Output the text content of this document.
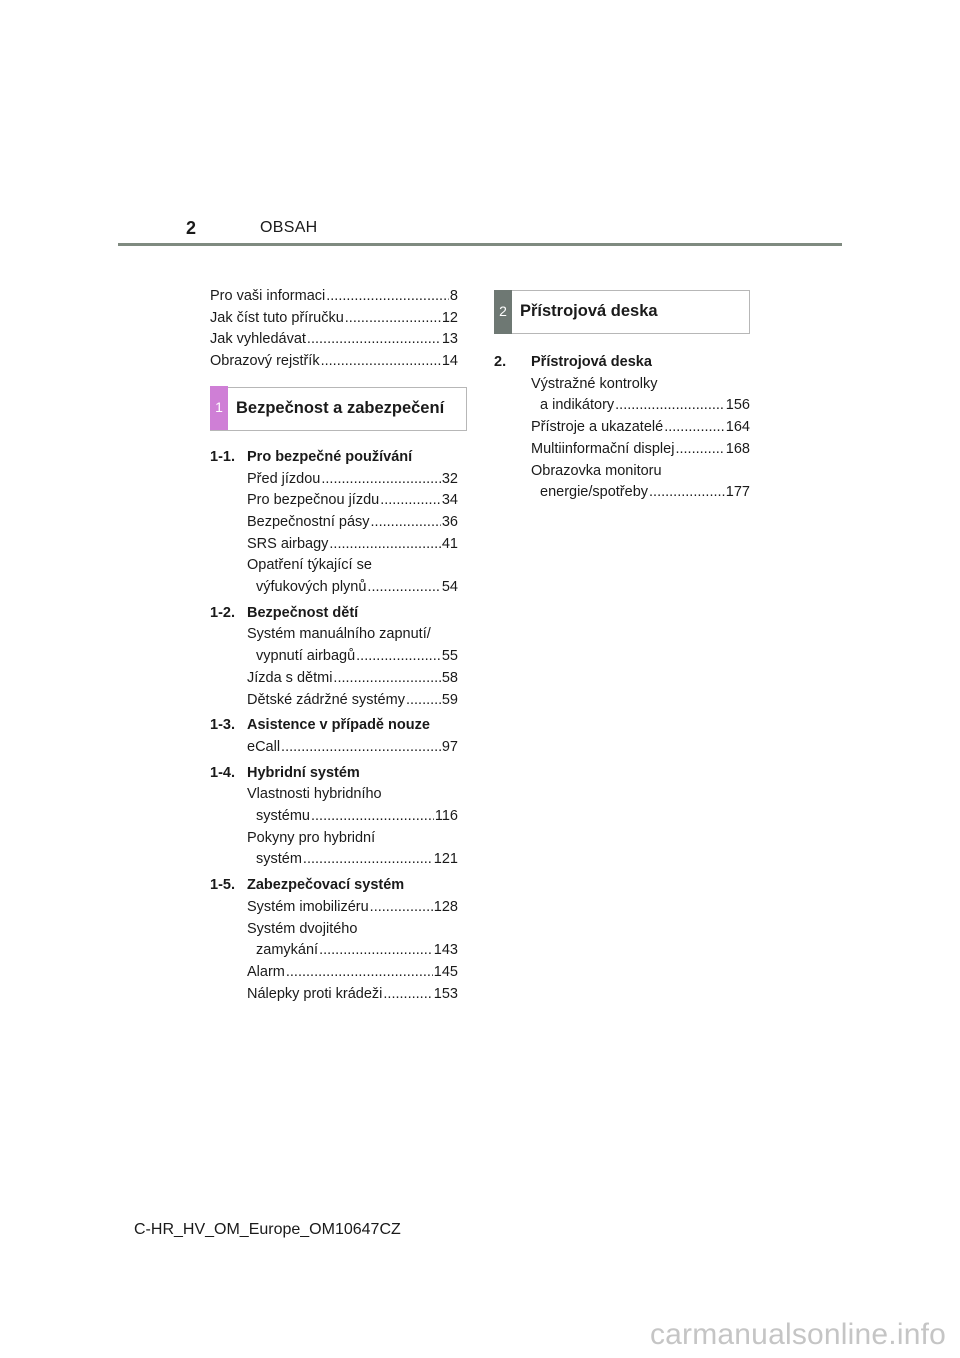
2	OBSAH
Pro vaši informaci .....	8
Jak číst tuto příručku .....	12
Jak vyhledávat .....	13
Obrazový rejstřík .....	14
1 Bezpečnost a zabezpečení
1-1. Pro bezpečné používání
Před jízdou .....	32
Pro bezpečnou jízdu .....	34
Bezpečnostní pásy .....	36
SRS airbagy .....	41
Opatření týkající se
výfukových plynů .....	54
1-2. Bezpečnost dětí
Systém manuálního zapnutí/
vypnutí airbagů .....	55
Jízda s dětmi .....	58
Dětské zádržné systémy .....	59
1-3. Asistence v případě nouze
eCall .....	97
1-4. Hybridní systém
Vlastnosti hybridního
systému .....	116
Pokyny pro hybridní
systém .....	121
1-5. Zabezpečovací systém
Systém imobilizéru .....	128
Systém dvojitého
zamykání .....	143
Alarm .....	145
Nálepky proti krádeži .....	153
2 Přístrojová deska
2.	Přístrojová deska
Výstražné kontrolky
a indikátory .....	156
Přístroje a ukazatelé .....	164
Multiinformační displej .....	168
Obrazovka monitoru
energie/spotřeby .....	177
C-HR_HV_OM_Europe_OM10647CZ
carmanualsonline.info
